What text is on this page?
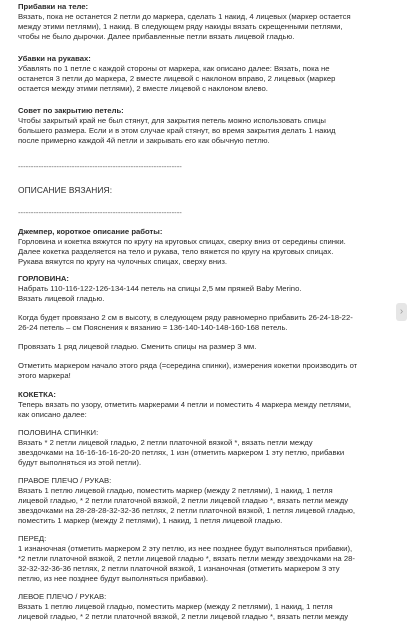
Прибавки на теле:
Вязать, пока не останется 2 петли до маркера, сделать 1 накид, 4 лицевых (маркер остается
между этими петлями), 1 накид. В следующем ряду накиды вязать скрещенными петлями,
чтобы не было дырочки. Далее прибавленные петли вязать лицевой гладью.
Убавки на рукавах:
Убавлять по 1 петле с каждой стороны от маркера, как описано далее: Вязать, пока не
останется 3 петли до маркера, 2 вместе лицевой с наклоном вправо, 2 лицевых (маркер
остается между этими петлями), 2 вместе лицевой с наклоном влево.
Совет по закрытию петель:
Чтобы закрытый край не был стянут, для закрытия петель можно использовать спицы
большего размера. Если и в этом случае край стянут, во время закрытия делать 1 накид
после примерно каждой 4й петли и закрывать его как обычную петлю.
----------------------------------------------------------------
ОПИСАНИЕ ВЯЗАНИЯ:
----------------------------------------------------------------
Джемпер, короткое описание работы:
Горловина и кокетка вяжутся по кругу на круговых спицах, сверху вниз от середины спинки.
Далее кокетка разделяется на тело и рукава, тело вяжется по кругу на круговых спицах.
Рукава вяжутся по кругу на чулочных спицах, сверху вниз.
ГОРЛОВИНА:
Набрать 110-116-122-126-134-144 петель на спицы 2,5 мм пряжей Baby Merino.
Вязать лицевой гладью.
Когда будет провязано 2 см в высоту, в следующем ряду равномерно прибавить 26-24-18-22-
26-24 петель – см Пояснения к вязанию = 136-140-140-148-160-168 петель.
Провязать 1 ряд лицевой гладью. Сменить спицы на размер 3 мм.
Отметить маркером начало этого ряда (=середина спинки), измерения кокетки производить от
этого маркера!
КОКЕТКА:
Теперь вязать по узору, отметить маркерами 4 петли и поместить 4 маркера между петлями,
как описано далее:
ПОЛОВИНА СПИНКИ:
Вязать * 2 петли лицевой гладью, 2 петли платочной вязкой *, вязать петли между
звездочками на 16-16-16-16-20-20 петлях, 1 изн (отметить маркером 1 эту петлю, прибавки
будут выполняться из этой петли).
ПРАВОЕ ПЛЕЧО / РУКАВ:
Вязать 1 петлю лицевой гладью, поместить маркер (между 2 петлями), 1 накид, 1 петля
лицевой гладью, * 2 петли платочной вязкой, 2 петли лицевой гладью *, вязать петли между
звездочками на 28-28-28-32-32-36 петлях, 2 петли платочной вязкой, 1 петля лицевой гладью,
поместить 1 маркер (между 2 петлями), 1 накид, 1 петля лицевой гладью.
ПЕРЕД:
1 изнаночная (отметить маркером 2 эту петлю, из нее позднее будут выполняться прибавки),
*2 петли платочной вязкой, 2 петли лицевой гладью *, вязать петли между звездочками на 28-
32-32-32-36-36 петлях, 2 петли платочной вязкой, 1 изнаночная (отметить маркером 3 эту
петлю, из нее позднее будут выполняться прибавки).
ЛЕВОЕ ПЛЕЧО / РУКАВ:
Вязать 1 петлю лицевой гладью, поместить маркер (между 2 петлями), 1 накид, 1 петля
лицевой гладью, * 2 петли платочной вязкой, 2 петли лицевой гладью *, вязать петли между
›
